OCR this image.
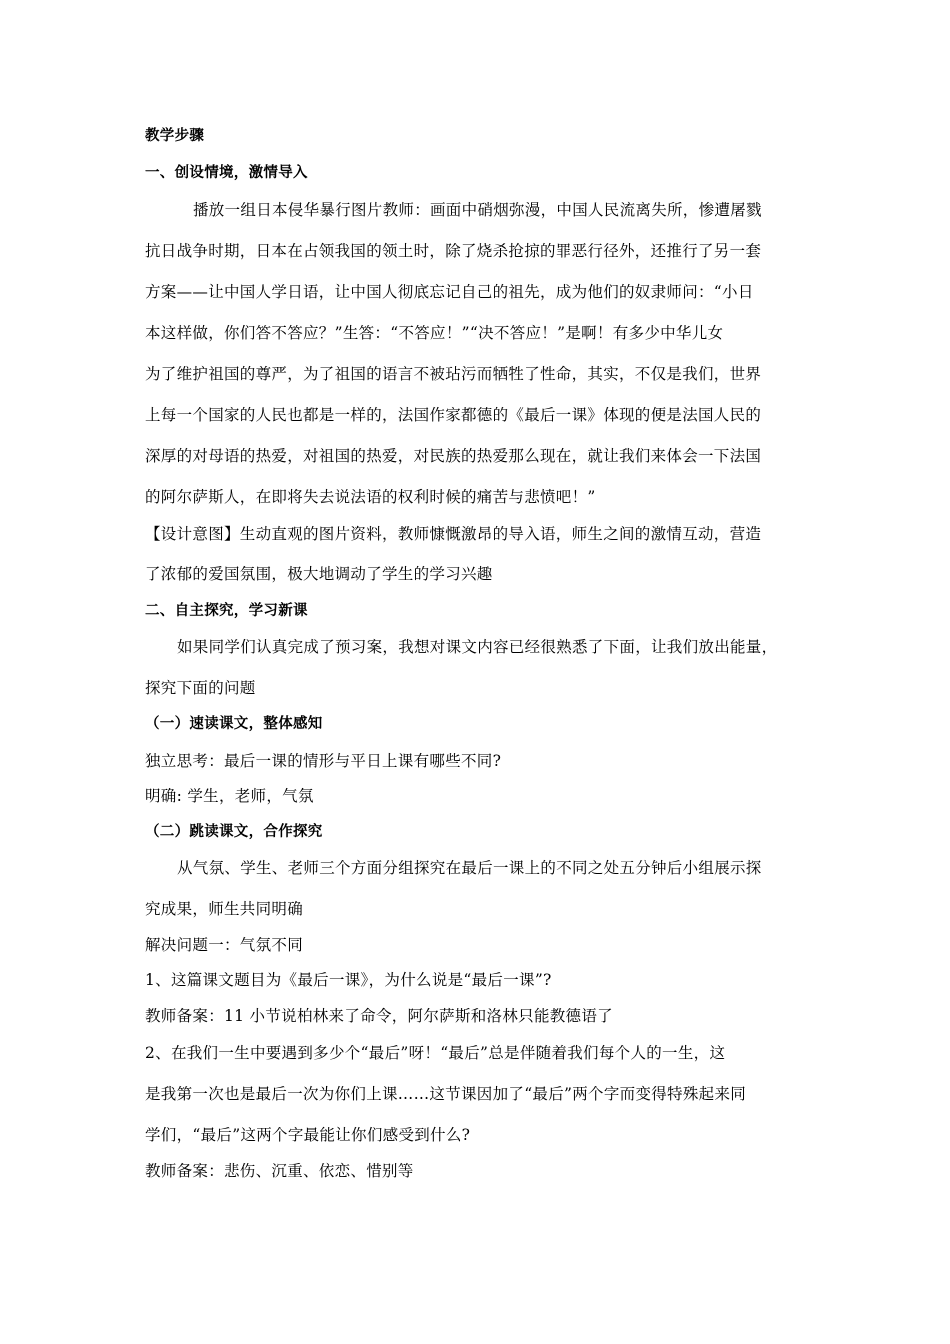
教学步骤
一、创设情境，激情导入
播放一组日本侵华暴行图片教师：画面中硝烟弥漫，中国人民流离失所，惨遭屠戮
抗日战争时期，日本在占领我国的领土时，除了烧杀抢掠的罪恶行径外，还推行了另一套
方案——让中国人学日语，让中国人彻底忘记自己的祖先，成为他们的奴隶师问：“小日
本这样做，你们答不答应？”生答：“不答应！”“决不答应！”是啊！有多少中华儿女
为了维护祖国的尊严，为了祖国的语言不被玷污而牺牲了性命，其实，不仅是我们，世界
上每一个国家的人民也都是一样的，法国作家都德的《最后一课》体现的便是法国人民的
深厚的对母语的热爱，对祖国的热爱，对民族的热爱那么现在，就让我们来体会一下法国
的阿尔萨斯人，在即将失去说法语的权利时候的痛苦与悲愤吧！”
【设计意图】生动直观的图片资料，教师慷慨激昂的导入语，师生之间的激情互动，营造
了浓郁的爱国氛围，极大地调动了学生的学习兴趣
二、自主探究，学习新课
如果同学们认真完成了预习案，我想对课文内容已经很熟悉了下面，让我们放出能量，
探究下面的问题
（一）速读课文，整体感知
独立思考：最后一课的情形与平日上课有哪些不同?
明确: 学生，老师，气氛
（二）跳读课文，合作探究
从气氛、学生、老师三个方面分组探究在最后一课上的不同之处五分钟后小组展示探
究成果，师生共同明确
解决问题一：气氛不同
1、这篇课文题目为《最后一课》，为什么说是“最后一课”?
教师备案：11 小节说柏林来了命令，阿尔萨斯和洛林只能教德语了
2、在我们一生中要遇到多少个“最后”呀！“最后”总是伴随着我们每个人的一生，这
是我第一次也是最后一次为你们上课……这节课因加了“最后”两个字而变得特殊起来同
学们，“最后”这两个字最能让你们感受到什么?
教师备案：悲伤、沉重、依恋、惜别等
